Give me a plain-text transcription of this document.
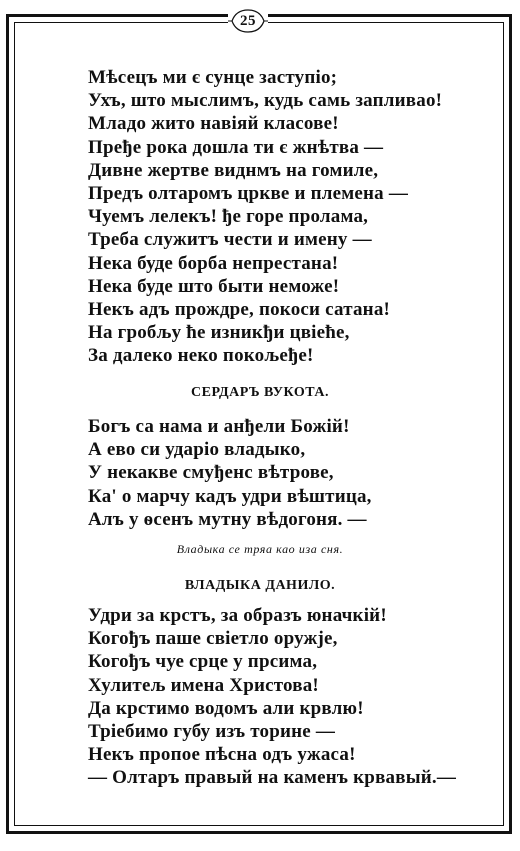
25
Мѣсецъ ми є сунце заступіо;
Ухъ, што мыслимъ, кудь самь запливао!
Младо жито навіяй класове!
Прeђe рока дошла ти є жнѣтва —
Дивне жертве виднмъ на гомиле,
Предъ олтаромъ цркве и племена —
Чуемъ лелекъ! ђе горе пролама,
Треба служитъ чести и имену —
Нека буде борба непрестана!
Нека буде што быти неможе!
Некъ адъ прождре, покоси сатана!
На гробљу ће изникђи цвіеће,
За далеко неко покољеђе!
СЕРДАРЪ ВУКОТА.
Богъ са нама и анђели Божій!
А ево си ударіо владыко,
У некакве смуђенс вѣтрове,
Ка' о марчу кадъ удри вѣштица,
Алъ у ѳсенъ мутну вѣдогоня. —
Владыка се тряа као иза сня.
ВЛАДЫКА ДАНИЛО.
Удри за крстъ, за образъ юначкій!
Когођъ паше свіетло оружје,
Когођъ чуе срце у прсима,
Хулитељ имена Христова!
Да крстимо водомъ али крвлю!
Тріебимо губу изъ торине —
Некъ пропое пѣсна одъ ужаса!
— Олтаръ правый на каменъ крвавый.—
